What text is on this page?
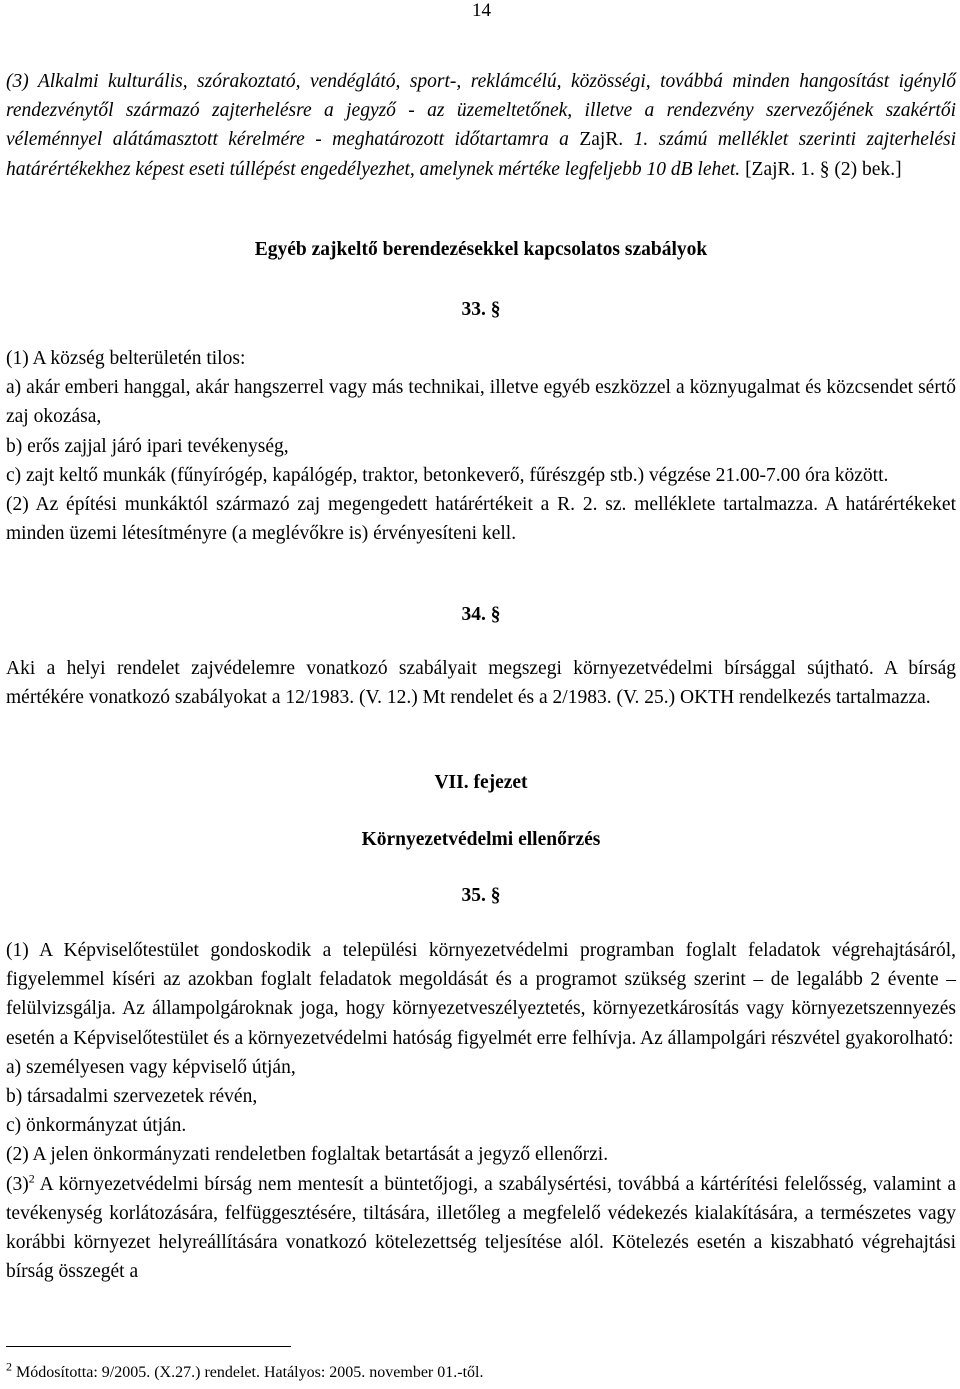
14

(3) Alkalmi kulturális, szórakoztató, vendéglátó, sport-, reklámcélú, közösségi, továbbá minden hangosítást igénylő rendezvénytől származó zajterhelésre a jegyző - az üzemeltetőnek, illetve a rendezvény szervezőjének szakértői véleménnyel alátámasztott kérelmére - meghatározott időtartamra a ZajR. 1. számú melléklet szerinti zajterhelési határértékekhez képest eseti túllépést engedélyezhet, amelynek mértéke legfeljebb 10 dB lehet. [ZajR. 1. § (2) bek.]

Egyéb zajkeltő berendezésekkel kapcsolatos szabályok
33. §

(1) A község belterületén tilos:

a) akár emberi hanggal, akár hangszerrel vagy más technikai, illetve egyéb eszközzel a köznyugalmat és közcsendet sértő zaj okozása,

b) erős zajjal járó ipari tevékenység,

c) zajt keltő munkák (fűnyírógép, kapálógép, traktor, betonkeverő, fűrészgép stb.) végzése 21.00-7.00 óra között.

(2) Az építési munkáktól származó zaj megengedett határértékeit a R. 2. sz. melléklete tartalmazza. A határértékeket minden üzemi létesítményre (a meglévőkre is) érvényesíteni kell.

34. §

Aki a helyi rendelet zajvédelemre vonatkozó szabályait megszegi környezetvédelmi bírsággal sújtható. A bírság mértékére vonatkozó szabályokat a 12/1983. (V. 12.) Mt rendelet és a 2/1983. (V. 25.) OKTH rendelkezés tartalmazza.

VII. fejezet
Környezetvédelmi ellenőrzés
35. §

(1) A Képviselőtestület gondoskodik a települési környezetvédelmi programban foglalt feladatok végrehajtásáról, figyelemmel kíséri az azokban foglalt feladatok megoldását és a programot szükség szerint – de legalább 2 évente – felülvizsgálja. Az állampolgároknak joga, hogy környezetveszélyeztetés, környezetkárosítás vagy környezetszennyezés esetén a Képviselőtestület és a környezetvédelmi hatóság figyelmét erre felhívja. Az állampolgári részvétel gyakorolható:

a) személyesen vagy képviselő útján,

b) társadalmi szervezetek révén,

c) önkormányzat útján.

(2) A jelen önkormányzati rendeletben foglaltak betartását a jegyző ellenőrzi.

$(3)^2$ A környezetvédelmi bírság nem mentesít a büntetőjogi, a szabálysértési, továbbá a kártérítési felelősség, valamint a tevékenység korlátozására, felfüggesztésére, tiltására, illetőleg a megfelelő védekezés kialakítására, a természetes vagy korábbi környezet helyreállítására vonatkozó kötelezettség teljesítése alól. Kötelezés esetén a kiszabható végrehajtási bírság összegét a

$^2$ Módosította: 9/2005. (X.27.) rendelet. Hatályos: 2005. november 01.-től.
